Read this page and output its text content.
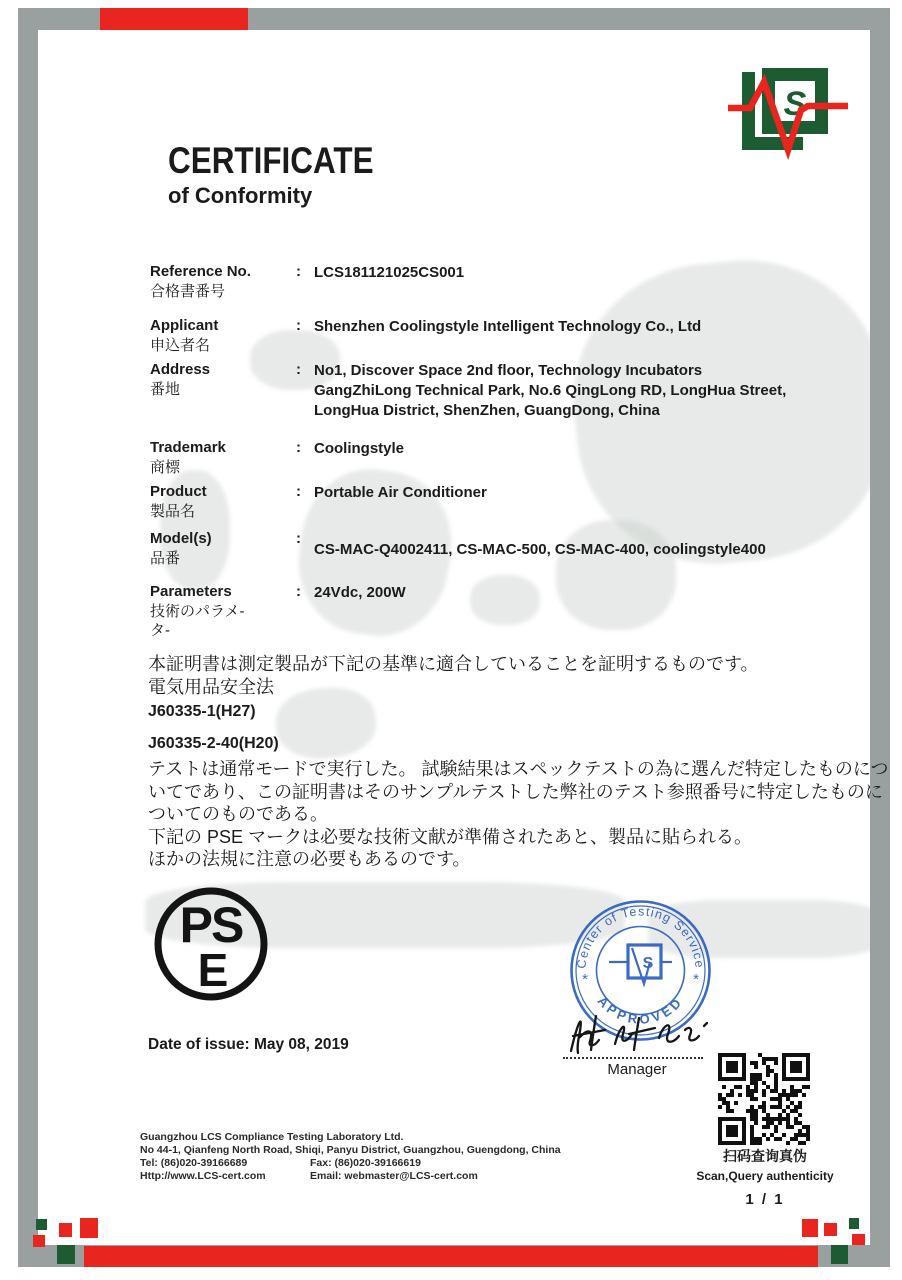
S
CERTIFICATE
of Conformity
Reference No.
合格書番号
: LCS181121025CS001
Applicant
申込者名
: Shenzhen Coolingstyle Intelligent Technology Co., Ltd
Address
番地
: No1, Discover Space 2nd floor, Technology Incubators
GangZhiLong Technical Park, No.6 QingLong RD, LongHua Street,
LongHua District, ShenZhen, GuangDong, China
Trademark
商標
: Coolingstyle
Product
製品名
: Portable Air Conditioner
Model(s)
品番
:
CS-MAC-Q4002411, CS-MAC-500, CS-MAC-400, coolingstyle400
Parameters
技術のパラメ-
タ-
: 24Vdc, 200W
本証明書は測定製品が下記の基準に適合していることを証明するものです。
電気用品安全法
J60335-1(H27)
J60335-2-40(H20)
テストは通常モードで実行した。 試験結果はスペックテストの為に選んだ特定したものにつ
いてであり、この証明書はそのサンプルテストした弊社のテスト参照番号に特定したものに
ついてのものである。
下記の PSE マークは必要な技術文献が準備されたあと、製品に貼られる。
ほかの法規に注意の必要もあるのです。
PS
E
Date of issue: May 08, 2019
Center of Testing Service
APPROVED
*	*
S
Manager
扫码查询真伪
Scan,Query authenticity
1 / 1
Guangzhou LCS Compliance Testing Laboratory Ltd.
No 44-1, Qianfeng North Road, Shiqi, Panyu District, Guangzhou, Guengdong, China
Tel: (86)020-39166689	Fax: (86)020-39166619
Http://www.LCS-cert.com	Email: webmaster@LCS-cert.com
